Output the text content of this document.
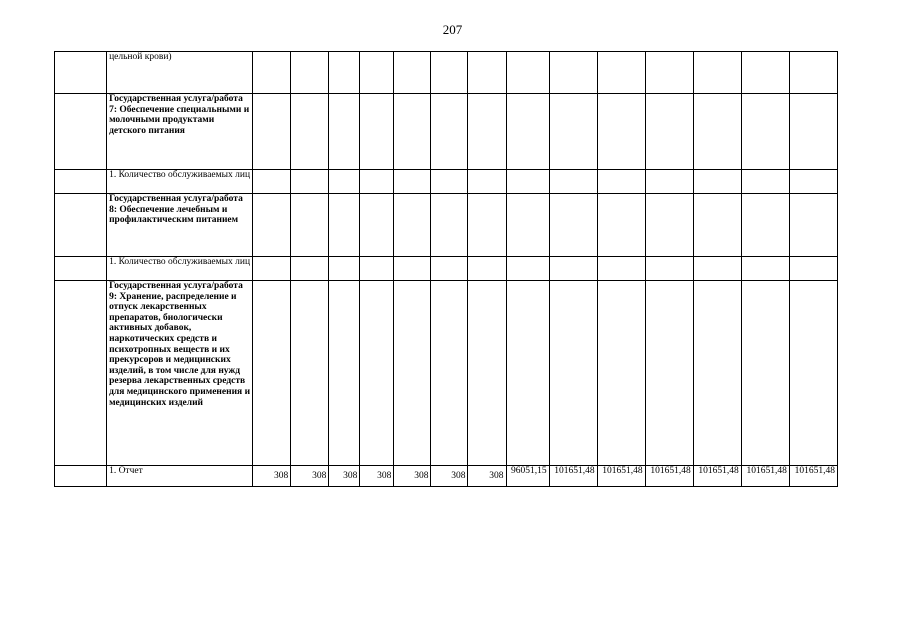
207
	цельной крови)														
	Государственная услуга/работа 7: Обеспечение специальными и молочными продуктами детского питания														
	1. Количество обслуживаемых лиц														
	Государственная услуга/работа 8: Обеспечение лечебным и профилактическим питанием														
	1. Количество обслуживаемых лиц														
	Государственная услуга/работа 9: Хранение, распределение и отпуск лекарственных препаратов, биологически активных добавок, наркотических средств и психотропных веществ и их прекурсоров и медицинских изделий, в том числе для нужд резерва лекарственных средств для медицинского применения и медицинских изделий														
	1. Отчет	308	308	308	308	308	308	308	96051,15	101651,48	101651,48	101651,48	101651,48	101651,48	101651,48
